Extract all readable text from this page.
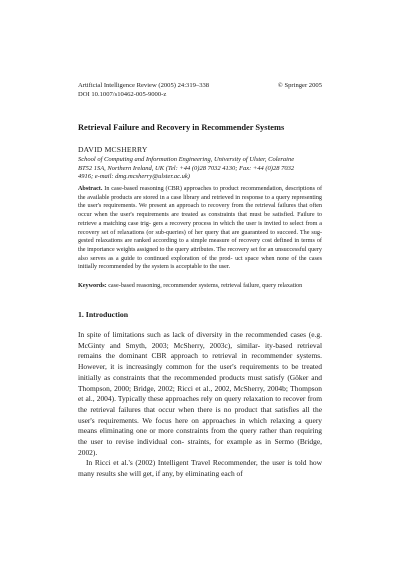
Artificial Intelligence Review (2005) 24:319–338	© Springer 2005
DOI 10.1007/s10462-005-9000-z
Retrieval Failure and Recovery in Recommender Systems
DAVID MCSHERRY
School of Computing and Information Engineering, University of Ulster, Coleraine
BT52 1SA, Northern Ireland, UK (Tel: +44 (0)28 7032 4130; Fax: +44 (0)28 7032
4916; e-mail: dmg.mcsherry@ulster.ac.uk)
Abstract. In case-based reasoning (CBR) approaches to product recommendation, descriptions of the available products are stored in a case library and retrieved in response to a query representing the user's requirements. We present an approach to recovery from the retrieval failures that often occur when the user's requirements are treated as constraints that must be satisfied. Failure to retrieve a matching case trig- gers a recovery process in which the user is invited to select from a recovery set of relaxations (or sub-queries) of her query that are guaranteed to succeed. The sug- gested relaxations are ranked according to a simple measure of recovery cost defined in terms of the importance weights assigned to the query attributes. The recovery set for an unsuccessful query also serves as a guide to continued exploration of the prod- uct space when none of the cases initially recommended by the system is acceptable to the user.
Keywords: case-based reasoning, recommender systems, retrieval failure, query relaxation
1. Introduction

In spite of limitations such as lack of diversity in the recommended cases (e.g. McGinty and Smyth, 2003; McSherry, 2003c), similar- ity-based retrieval remains the dominant CBR approach to retrieval in recommender systems. However, it is increasingly common for the user's requirements to be treated initially as constraints that the recommended products must satisfy (Göker and Thompson, 2000; Bridge, 2002; Ricci et al., 2002, McSherry, 2004b; Thompson et al., 2004). Typically these approaches rely on query relaxation to recover from the retrieval failures that occur when there is no product that satisfies all the user's requirements. We focus here on approaches in which relaxing a query means eliminating one or more constraints from the query rather than requiring the user to revise individual con- straints, for example as in Sermo (Bridge, 2002).

In Ricci et al.'s (2002) Intelligent Travel Recommender, the user is told how many results she will get, if any, by eliminating each of
